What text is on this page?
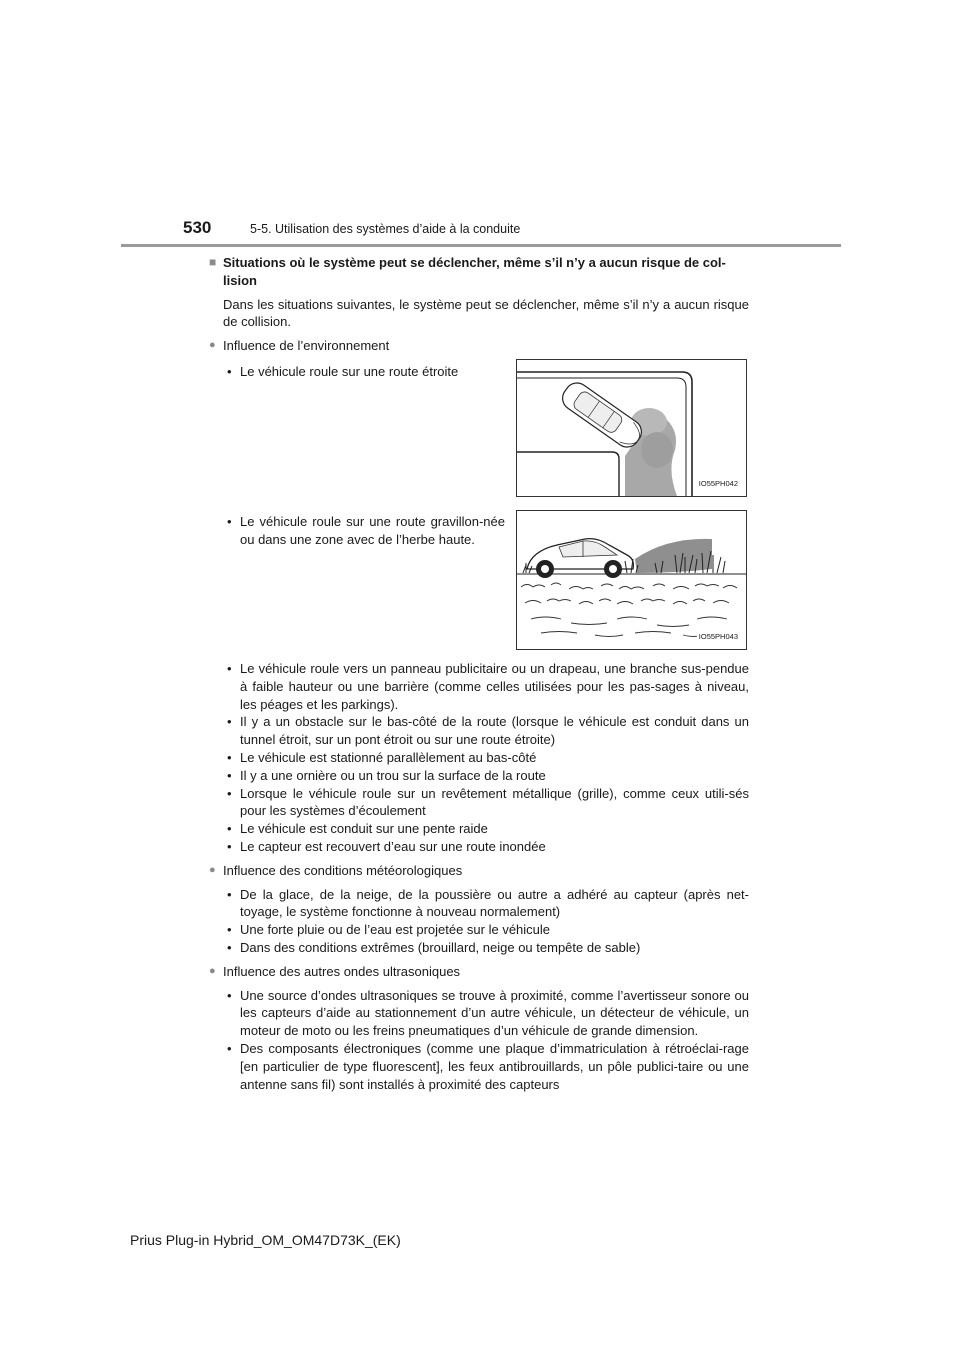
530	5-5. Utilisation des systèmes d’aide à la conduite
■ Situations où le système peut se déclencher, même s’il n’y a aucun risque de col-lision

Dans les situations suivantes, le système peut se déclencher, même s’il n’y a aucun risque de collision.

● Influence de l’environnement
• Le véhicule roule sur une route étroite
IO55PH042
• Le véhicule roule sur une route gravillon-née ou dans une zone avec de l’herbe haute.
IO55PH043
• Le véhicule roule vers un panneau publicitaire ou un drapeau, une branche sus-pendue à faible hauteur ou une barrière (comme celles utilisées pour les pas-sages à niveau, les péages et les parkings).
• Il y a un obstacle sur le bas-côté de la route (lorsque le véhicule est conduit dans un tunnel étroit, sur un pont étroit ou sur une route étroite)
• Le véhicule est stationné parallèlement au bas-côté
• Il y a une ornière ou un trou sur la surface de la route
• Lorsque le véhicule roule sur un revêtement métallique (grille), comme ceux utili-sés pour les systèmes d’écoulement
• Le véhicule est conduit sur une pente raide
• Le capteur est recouvert d’eau sur une route inondée
● Influence des conditions météorologiques
• De la glace, de la neige, de la poussière ou autre a adhéré au capteur (après net-toyage, le système fonctionne à nouveau normalement)
• Une forte pluie ou de l’eau est projetée sur le véhicule
• Dans des conditions extrêmes (brouillard, neige ou tempête de sable)
● Influence des autres ondes ultrasoniques
• Une source d’ondes ultrasoniques se trouve à proximité, comme l’avertisseur sonore ou les capteurs d’aide au stationnement d’un autre véhicule, un détecteur de véhicule, un moteur de moto ou les freins pneumatiques d’un véhicule de grande dimension.
• Des composants électroniques (comme une plaque d’immatriculation à rétroéclai-rage [en particulier de type fluorescent], les feux antibrouillards, un pôle publici-taire ou une antenne sans fil) sont installés à proximité des capteurs
Prius Plug-in Hybrid_OM_OM47D73K_(EK)
